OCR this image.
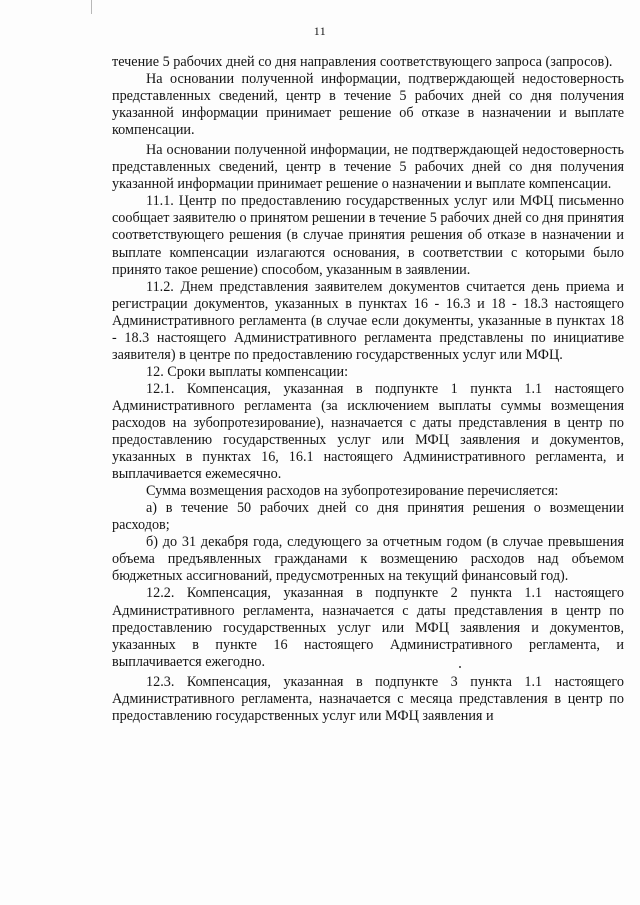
11

течение 5 рабочих дней со дня направления соответствующего запроса (запросов).

На основании полученной информации, подтверждающей недостоверность представленных сведений, центр в течение 5 рабочих дней со дня получения указанной информации принимает решение об отказе в назначении и выплате компенсации.

На основании полученной информации, не подтверждающей недостоверность представленных сведений, центр в течение 5 рабочих дней со дня получения указанной информации принимает решение о назначении и выплате компенсации.

11.1. Центр по предоставлению государственных услуг или МФЦ письменно сообщает заявителю о принятом решении в течение 5 рабочих дней со дня принятия соответствующего решения (в случае принятия решения об отказе в назначении и выплате компенсации излагаются основания, в соответствии с которыми было принято такое решение) способом, указанным в заявлении.

11.2. Днем представления заявителем документов считается день приема и регистрации документов, указанных в пунктах 16 - 16.3 и 18 - 18.3 настоящего Административного регламента (в случае если документы, указанные в пунктах 18 - 18.3 настоящего Административного регламента представлены по инициативе заявителя) в центре по предоставлению государственных услуг или МФЦ.

12. Сроки выплаты компенсации:

12.1. Компенсация, указанная в подпункте 1 пункта 1.1 настоящего Административного регламента (за исключением выплаты суммы возмещения расходов на зубопротезирование), назначается с даты представления в центр по предоставлению государственных услуг или МФЦ заявления и документов, указанных в пунктах 16, 16.1 настоящего Административного регламента, и выплачивается ежемесячно.

Сумма возмещения расходов на зубопротезирование перечисляется:

а) в течение 50 рабочих дней со дня принятия решения о возмещении расходов;

б) до 31 декабря года, следующего за отчетным годом (в случае превышения объема предъявленных гражданами к возмещению расходов над объемом бюджетных ассигнований, предусмотренных на текущий финансовый год).

12.2. Компенсация, указанная в подпункте 2 пункта 1.1 настоящего Административного регламента, назначается с даты представления в центр по предоставлению государственных услуг или МФЦ заявления и документов, указанных в пункте 16 настоящего Административного регламента, и выплачивается ежегодно.

12.3. Компенсация, указанная в подпункте 3 пункта 1.1 настоящего Административного регламента, назначается с месяца представления в центр по предоставлению государственных услуг или МФЦ заявления и
